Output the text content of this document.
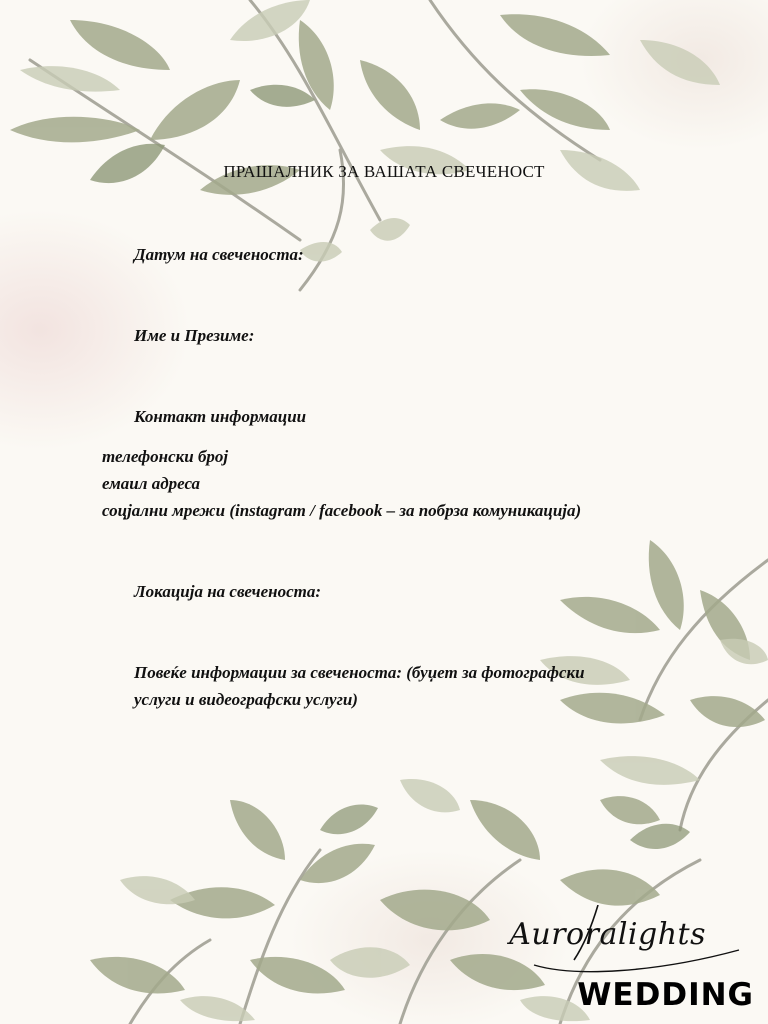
ПРАШАЛНИК ЗА ВАШАТА СВЕЧЕНОСТ
Датум на свеченоста:
Име и Презиме:
Контакт информации
телефонски број
емаил адреса
соцјални мрежи (instagram / facebook – за побрза комуникација)
Локација на свеченоста:
Повеќе информации за свеченоста: (буџет за фотографски
услуги и видеографски услуги)
Auroralights
WEDDING
